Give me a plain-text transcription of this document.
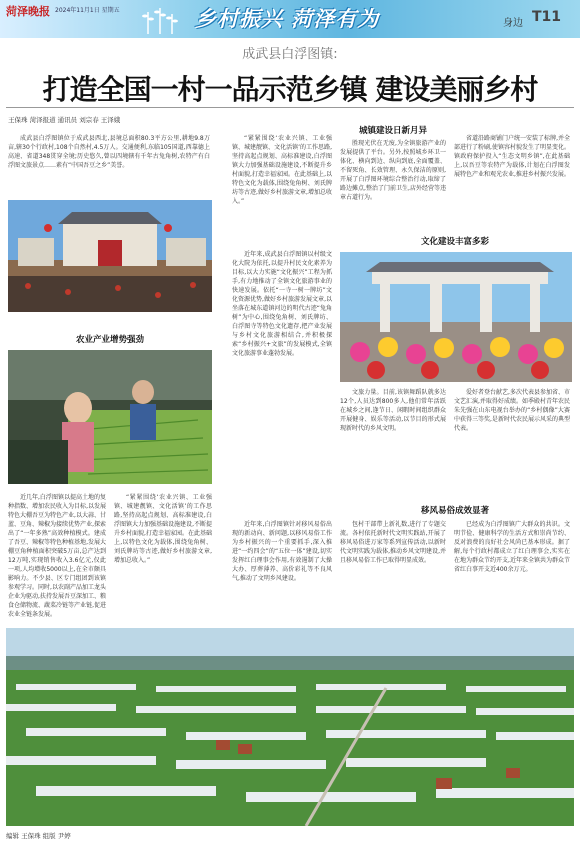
菏泽晚报 2024年11月1日 星期五	乡村振兴 菏泽有为	身边 T11
成武县白浮图镇:
打造全国一村一品示范乡镇 建设美丽乡村
王保珠 菏泽报道 通讯员 刘宗春 王泽娥

成武县白浮图镇位于成武县西北,县境总面积80.3平方公里,耕地9.8万亩,辖30个行政村,108个自然村,4.5万人。交通便利,东临105国道,西靠德上高速、省道348贯穿全境;历史悠久,曾以四境辖有千年古兔角树,农特产有白浮图文旅景点……素有“中国吾豆之乡”美誉。

农业产业增势强劲

近几年,白浮图镇以提高土地的复种指数、增加农民收入为目标,以发展特色大棚吾豆为特色产业,以大蒜、甘蓝、豆角、辣椒为接续优势产业,探索出了“一年多熟”高效种植模式。建成了吾豆、辣椒等特色种植基地,发展大棚豆角种植面积突破5万亩,总产达到12万吨,实现销售收入3.6亿元,仅此一项,人均增收5000以上,在全市颇具影响力。不少县、区专门组团到该镇参观学习。同时,以农副产品加工龙头企业为驱动,扶持发展吾豆深加工、粮食仓储物流、蔬菜冷链等产业链,促进农业全链条发展。

“紧紧围绕‘农业兴镇、工业强镇、城建靓镇、文化活镇’的工作思路,坚持高起点规划、高标准建设,白浮图镇大力加强基础设施建设,不断提升乡村面貌,打造幸福家园。在此基础上,以特色文化为载体,围绕兔角树、刘氏牌坊等古迹,做好乡村旅游文章,增加总收入。”

“紧紧围绕‘农业兴镇、工业强镇、城建靓镇、文化活镇’的工作思路,坚持高起点规划、高标准建设,白浮图镇大力加强基础设施建设,不断提升乡村面貌,打造幸福家园。在此基础上,以特色文化为载体,围绕兔角树、刘氏牌坊等古迹,做好乡村旅游文章,增加总收入。”

近年来,成武县白浮图镇以村级文化大院为依托,以提升村民文化素养为目标,以大力实施“文化振兴”工程为抓手,有力地推动了全镇文化旅游事业的快速发展。依托“一寺一树一牌坊”文化资源优势,做好乡村旅游发展文章,以坐落在城东道镇河边的明代古迹“兔角树”为中心,围绕兔角树、刘氏牌坊、白浮图寺等特色文化遗存,把产业发展与乡村文化旅游相结合,并积极探索“乡村振兴+文旅”的发展模式,全镇文化旅游事业蓬勃发展。

城镇建设日新月异

胜现光伏在无废,为全镇旅游产业的发展提供了平台。另外,按照城乡环卫一体化、横向到边、纵向到底,全面覆盖、不留死角、长效管理、永久保洁的原则,开展了白浮图环境综合整治行动,取缔了路边摊点,整治了门前卫生,店外经营等违章占道行为。

省道沿路商铺门户统一安装了标牌,并全部进行了粉刷,使镇容村貌发生了明显变化。镇政府保护投入“生态文明乡镇”,在此基础上,以吾豆等农特产为载体,计划在白浮图发展特色产业和观光农业,推进乡村振兴发展。

文化建设丰富多彩

文旅力量。目前,该镇舞蹈队就多达12个,人员达到800多人,他们常年活跃在城乡之间,逢节日、闲暇时间组织群众开展健身、娱乐等活动,以节目的形式展现新时代的乡风文明。

爱好者登台献艺,多次代表县参加省、市文艺汇演,并取得好成绩。如季殿村青年农民朱先强在山东电视台举办的“乡村偶像”大赛中获得三等奖,是新时代农民展示风采的典型代表。

移风易俗成效显著

近年来,白浮图镇针对移风易俗出现的新动向、新问题,以移风易俗工作为乡村振兴的一个重要抓手,深入推进“一约四会”的“五位一体”建设,切实发挥红白理事会作用,有效遏制了大操大办、厚葬薄养、高价彩礼等不良风气,推动了文明乡风建设。

包村干部带上新礼数,进行了专题交流。各村依托新时代文明实践站,开展了移风易俗进万家等系列宣传活动,以新时代文明实践为载体,推动乡风文明建设,并且移风易俗工作已取得明显成效。

已经成为白浮图镇广大群众的共识。文明节俭、健康科学的生活方式和崇尚节约、反对浪费的良好社会风尚已基本形成。据了解,每个行政村都成立了红白理事会,实实在在地为群众节约开支,近年来全镇共为群众节省红白事开支近400余万元。

编辑 王保珠 组版 尹婷
